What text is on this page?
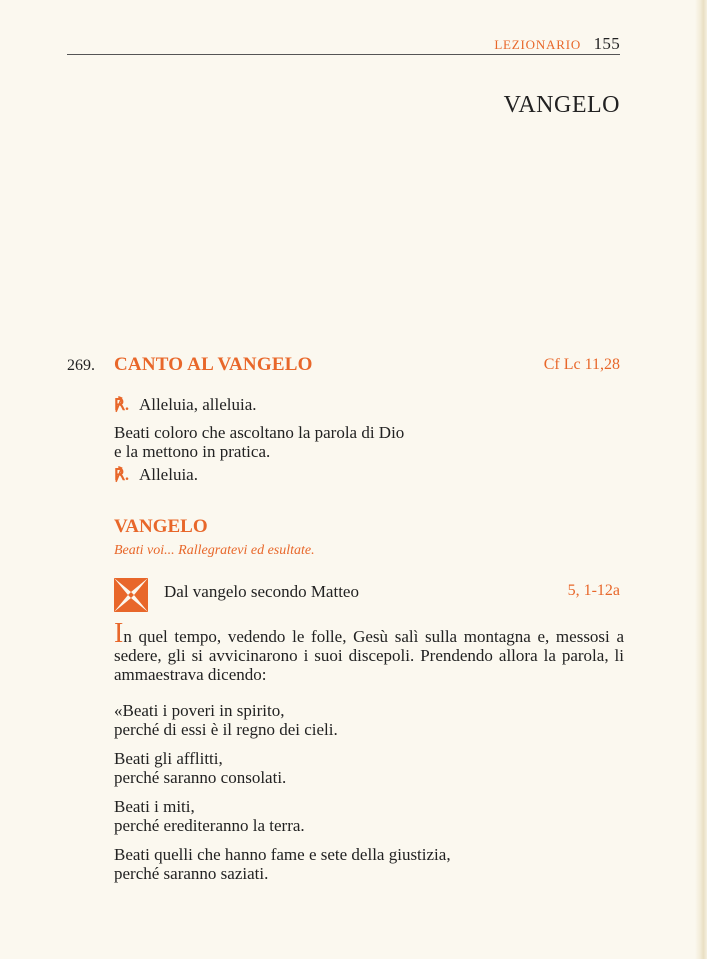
LEZIONARIO 155
VANGELO
269. CANTO AL VANGELO	Cf Lc 11,28
℟. Alleluia, alleluia.
Beati coloro che ascoltano la parola di Dio
e la mettono in pratica.
℟. Alleluia.
VANGELO
Beati voi... Rallegratevi ed esultate.
Dal vangelo secondo Matteo	5, 1-12a
In quel tempo, vedendo le folle, Gesù salì sulla montagna e, messosi a sedere, gli si avvicinarono i suoi discepoli. Prendendo allora la parola, li ammaestrava dicendo:
«Beati i poveri in spirito,
perché di essi è il regno dei cieli.
Beati gli afflitti,
perché saranno consolati.
Beati i miti,
perché erediteranno la terra.
Beati quelli che hanno fame e sete della giustizia,
perché saranno saziati.
